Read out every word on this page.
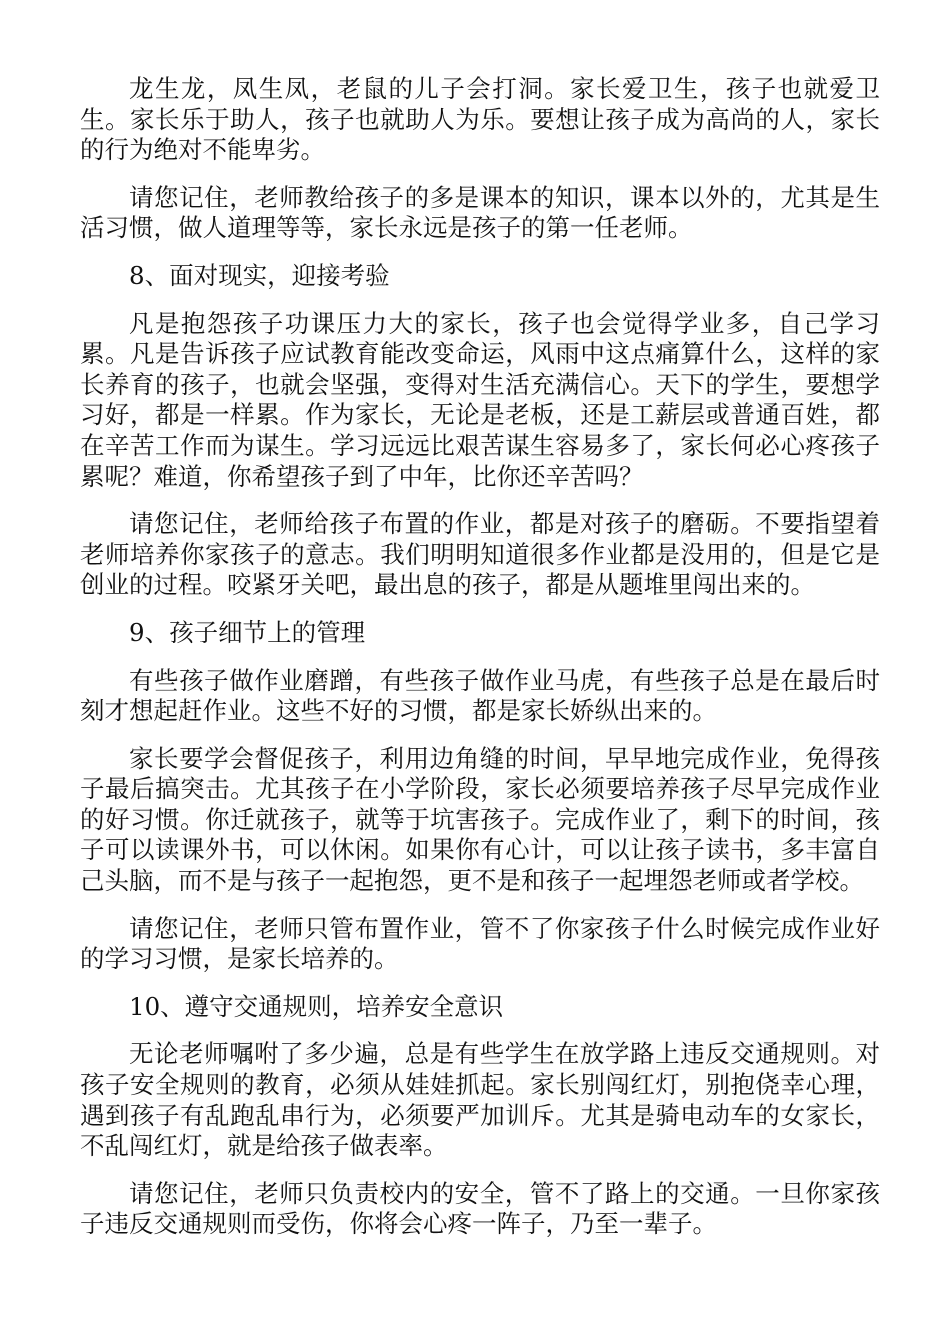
龙生龙，凤生凤，老鼠的儿子会打洞。家长爱卫生，孩子也就爱卫生。家长乐于助人，孩子也就助人为乐。要想让孩子成为高尚的人，家长的行为绝对不能卑劣。

请您记住，老师教给孩子的多是课本的知识，课本以外的，尤其是生活习惯，做人道理等等，家长永远是孩子的第一任老师。

8、面对现实，迎接考验

凡是抱怨孩子功课压力大的家长，孩子也会觉得学业多，自己学习累。凡是告诉孩子应试教育能改变命运，风雨中这点痛算什么，这样的家长养育的孩子，也就会坚强，变得对生活充满信心。天下的学生，要想学习好，都是一样累。作为家长，无论是老板，还是工薪层或普通百姓，都在辛苦工作而为谋生。学习远远比艰苦谋生容易多了，家长何必心疼孩子累呢？难道，你希望孩子到了中年，比你还辛苦吗？

请您记住，老师给孩子布置的作业，都是对孩子的磨砺。不要指望着老师培养你家孩子的意志。我们明明知道很多作业都是没用的，但是它是创业的过程。咬紧牙关吧，最出息的孩子，都是从题堆里闯出来的。

9、孩子细节上的管理

有些孩子做作业磨蹭，有些孩子做作业马虎，有些孩子总是在最后时刻才想起赶作业。这些不好的习惯，都是家长娇纵出来的。

家长要学会督促孩子，利用边角缝的时间，早早地完成作业，免得孩子最后搞突击。尤其孩子在小学阶段，家长必须要培养孩子尽早完成作业的好习惯。你迁就孩子，就等于坑害孩子。完成作业了，剩下的时间，孩子可以读课外书，可以休闲。如果你有心计，可以让孩子读书，多丰富自己头脑，而不是与孩子一起抱怨，更不是和孩子一起埋怨老师或者学校。

请您记住，老师只管布置作业，管不了你家孩子什么时候完成作业好的学习习惯，是家长培养的。

10、遵守交通规则，培养安全意识

无论老师嘱咐了多少遍，总是有些学生在放学路上违反交通规则。对孩子安全规则的教育，必须从娃娃抓起。家长别闯红灯，别抱侥幸心理，遇到孩子有乱跑乱串行为，必须要严加训斥。尤其是骑电动车的女家长，不乱闯红灯，就是给孩子做表率。

请您记住，老师只负责校内的安全，管不了路上的交通。一旦你家孩子违反交通规则而受伤，你将会心疼一阵子，乃至一辈子。
